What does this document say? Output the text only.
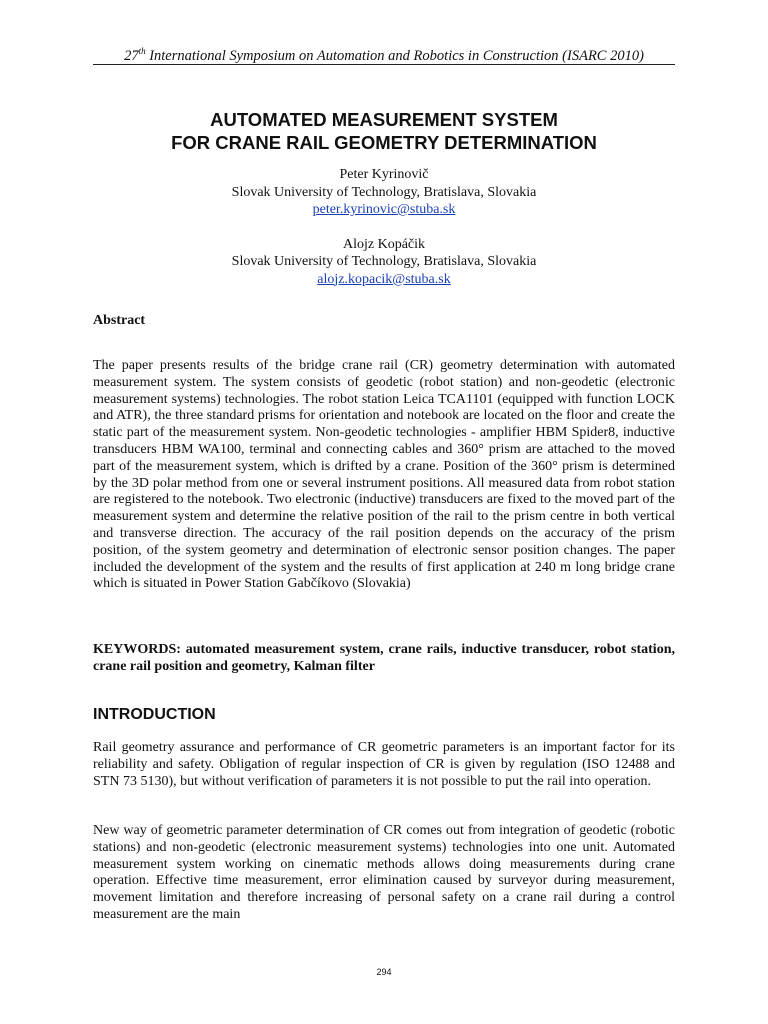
27th International Symposium on Automation and Robotics in Construction (ISARC 2010)
AUTOMATED MEASUREMENT SYSTEM
FOR CRANE RAIL GEOMETRY DETERMINATION
Peter Kyrinovič
Slovak University of Technology, Bratislava, Slovakia
peter.kyrinovic@stuba.sk
Alojz Kopáčik
Slovak University of Technology, Bratislava, Slovakia
alojz.kopacik@stuba.sk
Abstract
The paper presents results of the bridge crane rail (CR) geometry determination with automated measurement system. The system consists of geodetic (robot station) and non-geodetic (electronic measurement systems) technologies. The robot station Leica TCA1101 (equipped with function LOCK and ATR), the three standard prisms for orientation and notebook are located on the floor and create the static part of the measurement system. Non-geodetic technologies - amplifier HBM Spider8, inductive transducers HBM WA100, terminal and connecting cables and 360° prism are attached to the moved part of the measurement system, which is drifted by a crane. Position of the 360° prism is determined by the 3D polar method from one or several instrument positions. All measured data from robot station are registered to the notebook. Two electronic (inductive) transducers are fixed to the moved part of the measurement system and determine the relative position of the rail to the prism centre in both vertical and transverse direction. The accuracy of the rail position depends on the accuracy of the prism position, of the system geometry and determination of electronic sensor position changes. The paper included the development of the system and the results of first application at 240 m long bridge crane which is situated in Power Station Gabčíkovo (Slovakia)
KEYWORDS: automated measurement system, crane rails, inductive transducer, robot station, crane rail position and geometry, Kalman filter
INTRODUCTION
Rail geometry assurance and performance of CR geometric parameters is an important factor for its reliability and safety. Obligation of regular inspection of CR is given by regulation (ISO 12488 and STN 73 5130), but without verification of parameters it is not possible to put the rail into operation.
New way of geometric parameter determination of CR comes out from integration of geodetic (robotic stations) and non-geodetic (electronic measurement systems) technologies into one unit. Automated measurement system working on cinematic methods allows doing measurements during crane operation. Effective time measurement, error elimination caused by surveyor during measurement, movement limitation and therefore increasing of personal safety on a crane rail during a control measurement are the main
294
